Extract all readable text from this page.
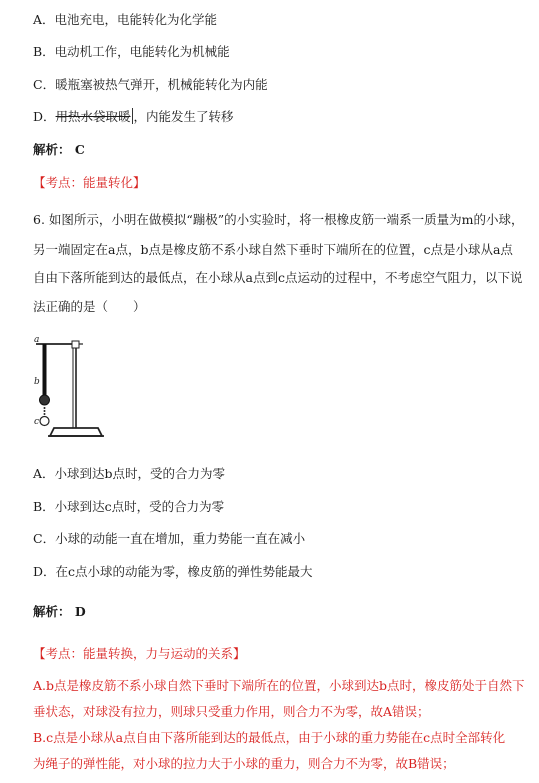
A．电池充电，电能转化为化学能
B．电动机工作，电能转化为机械能
C．暖瓶塞被热气弹开，机械能转化为内能
D．用热水袋取暖 ，内能发生了转移
解析： C
【考点：能量转化】
6. 如图所示，小明在做模拟“蹦极”的小实验时，将一根橡皮筋一端系一质量为m的小球，
另一端固定在a点，b点是橡皮筋不系小球自然下垂时下端所在的位置，c点是小球从a点
自由下落所能到达的最低点，在小球从a点到c点运动的过程中，不考虑空气阻力，以下说
法正确的是（　　）
a
b
c
A．小球到达b点时，受的合力为零
B．小球到达c点时，受的合力为零
C．小球的动能一直在增加，重力势能一直在减小
D．在c点小球的动能为零，橡皮筋的弹性势能最大
解析： D
【考点：能量转换，力与运动的关系】
A.b点是橡皮筋不系小球自然下垂时下端所在的位置，小球到达b点时，橡皮筋处于自然下
垂状态，对球没有拉力，则球只受重力作用，则合力不为零，故A错误；
B.c点是小球从a点自由下落所能到达的最低点，由于小球的重力势能在c点时全部转化
为绳子的弹性能，对小球的拉力大于小球的重力，则合力不为零，故B错误；
